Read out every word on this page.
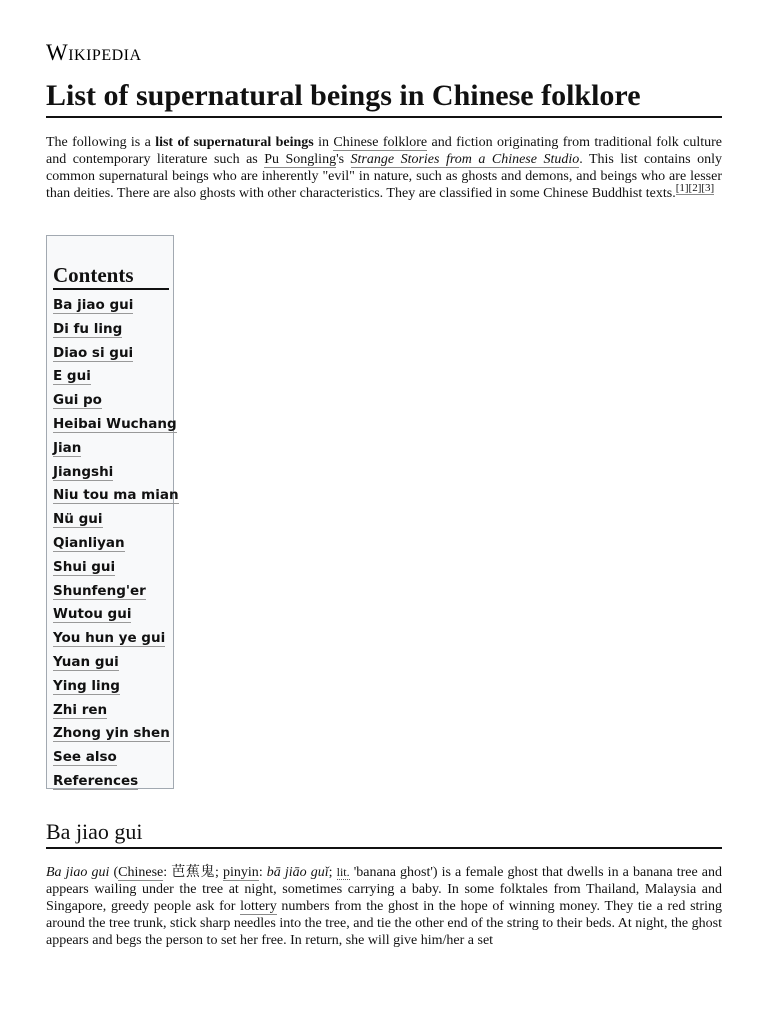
Wikipedia
List of supernatural beings in Chinese folklore

The following is a list of supernatural beings in Chinese folklore and fiction originating from traditional folk culture and contemporary literature such as Pu Songling's Strange Stories from a Chinese Studio. This list contains only common supernatural beings who are inherently "evil" in nature, such as ghosts and demons, and beings who are lesser than deities. There are also ghosts with other characteristics. They are classified in some Chinese Buddhist texts.[1][2][3]

Contents
Ba jiao gui
Di fu ling
Diao si gui
E gui
Gui po
Heibai Wuchang
Jian
Jiangshi
Niu tou ma mian
Nü gui
Qianliyan
Shui gui
Shunfeng'er
Wutou gui
You hun ye gui
Yuan gui
Ying ling
Zhi ren
Zhong yin shen
See also
References
Ba jiao gui

Ba jiao gui (Chinese: 芭蕉鬼; pinyin: bā jiāo guǐ; lit. 'banana ghost') is a female ghost that dwells in a banana tree and appears wailing under the tree at night, sometimes carrying a baby. In some folktales from Thailand, Malaysia and Singapore, greedy people ask for lottery numbers from the ghost in the hope of winning money. They tie a red string around the tree trunk, stick sharp needles into the tree, and tie the other end of the string to their beds. At night, the ghost appears and begs the person to set her free. In return, she will give him/her a set
